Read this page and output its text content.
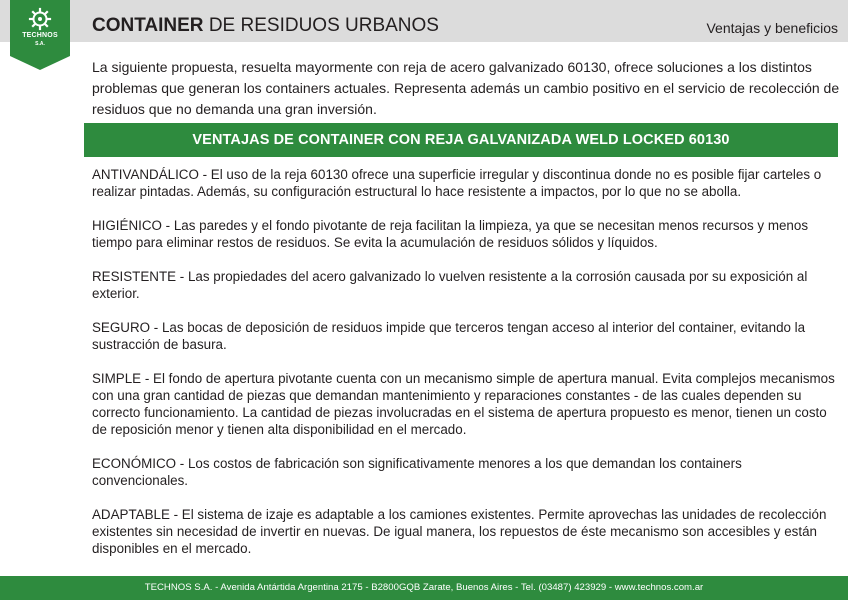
CONTAINER DE RESIDUOS URBANOS	Ventajas y beneficios
TECHNOS
S.A.
La siguiente propuesta, resuelta mayormente con reja de acero galvanizado 60130, ofrece soluciones a los distintos problemas que generan los containers actuales. Representa además un cambio positivo en el servicio de recolección de residuos que no demanda una gran inversión.
VENTAJAS DE CONTAINER CON REJA GALVANIZADA WELD LOCKED 60130
ANTIVANDÁLICO - El uso de la reja 60130 ofrece una superficie irregular y discontinua donde no es posible fijar carteles o realizar pintadas. Además, su configuración estructural lo hace resistente a impactos, por lo que no se abolla.
HIGIÉNICO - Las paredes y el fondo pivotante de reja facilitan la limpieza, ya que se necesitan menos recursos y menos tiempo para eliminar restos de residuos. Se evita la acumulación de residuos sólidos y líquidos.
RESISTENTE - Las propiedades del acero galvanizado lo vuelven resistente a la corrosión causada por su exposición al exterior.
SEGURO - Las bocas de deposición de residuos impide que terceros tengan acceso al interior del container, evitando la sustracción de basura.
SIMPLE - El fondo de apertura pivotante cuenta con un mecanismo simple de apertura manual. Evita complejos mecanismos con una gran cantidad de piezas que demandan mantenimiento y reparaciones constantes - de las cuales dependen su correcto funcionamiento. La cantidad de piezas involucradas en el sistema de apertura propuesto es menor, tienen un costo de reposición menor y tienen alta disponibilidad en el mercado.
ECONÓMICO - Los costos de fabricación son significativamente menores a los que demandan los containers convencionales.
ADAPTABLE - El sistema de izaje es adaptable a los camiones existentes. Permite aprovechas las unidades de recolección existentes sin necesidad de invertir en nuevas. De igual manera, los repuestos de éste mecanismo son accesibles y están disponibles en el mercado.
TECHNOS S.A. - Avenida Antártida Argentina 2175 - B2800GQB Zarate, Buenos Aires - Tel. (03487) 423929 - www.technos.com.ar
